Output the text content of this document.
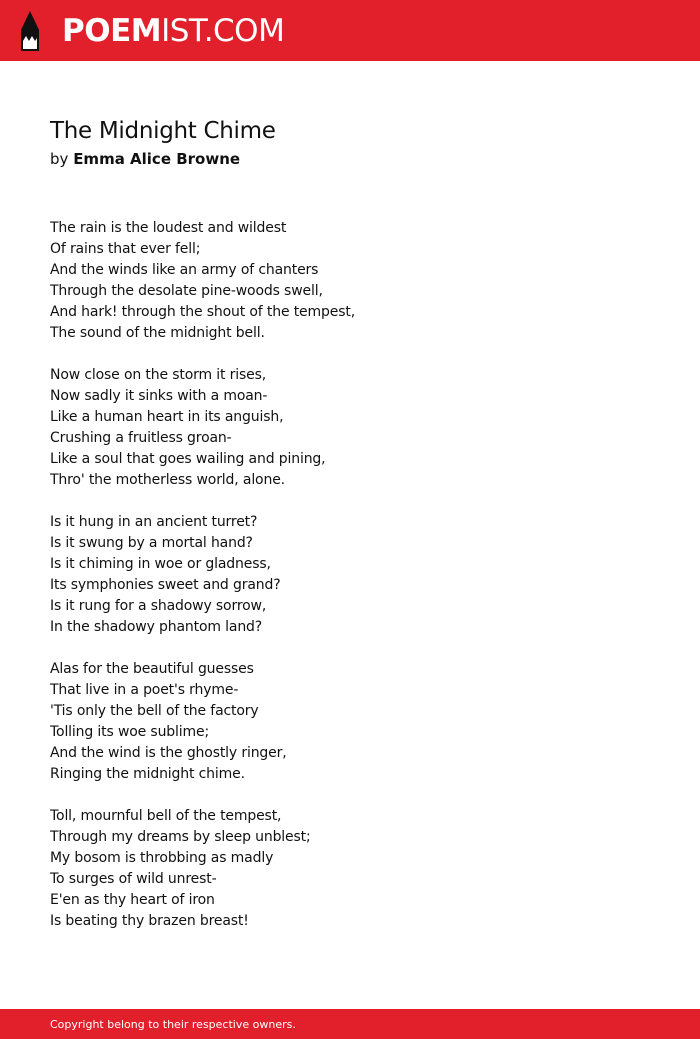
POEMIST.COM
The Midnight Chime
by Emma Alice Browne
The rain is the loudest and wildest
Of rains that ever fell;
And the winds like an army of chanters
Through the desolate pine-woods swell,
And hark! through the shout of the tempest,
The sound of the midnight bell.
Now close on the storm it rises,
Now sadly it sinks with a moan-
Like a human heart in its anguish,
Crushing a fruitless groan-
Like a soul that goes wailing and pining,
Thro' the motherless world, alone.
Is it hung in an ancient turret?
Is it swung by a mortal hand?
Is it chiming in woe or gladness,
Its symphonies sweet and grand?
Is it rung for a shadowy sorrow,
In the shadowy phantom land?
Alas for the beautiful guesses
That live in a poet's rhyme-
'Tis only the bell of the factory
Tolling its woe sublime;
And the wind is the ghostly ringer,
Ringing the midnight chime.
Toll, mournful bell of the tempest,
Through my dreams by sleep unblest;
My bosom is throbbing as madly
To surges of wild unrest-
E'en as thy heart of iron
Is beating thy brazen breast!
Copyright belong to their respective owners.
